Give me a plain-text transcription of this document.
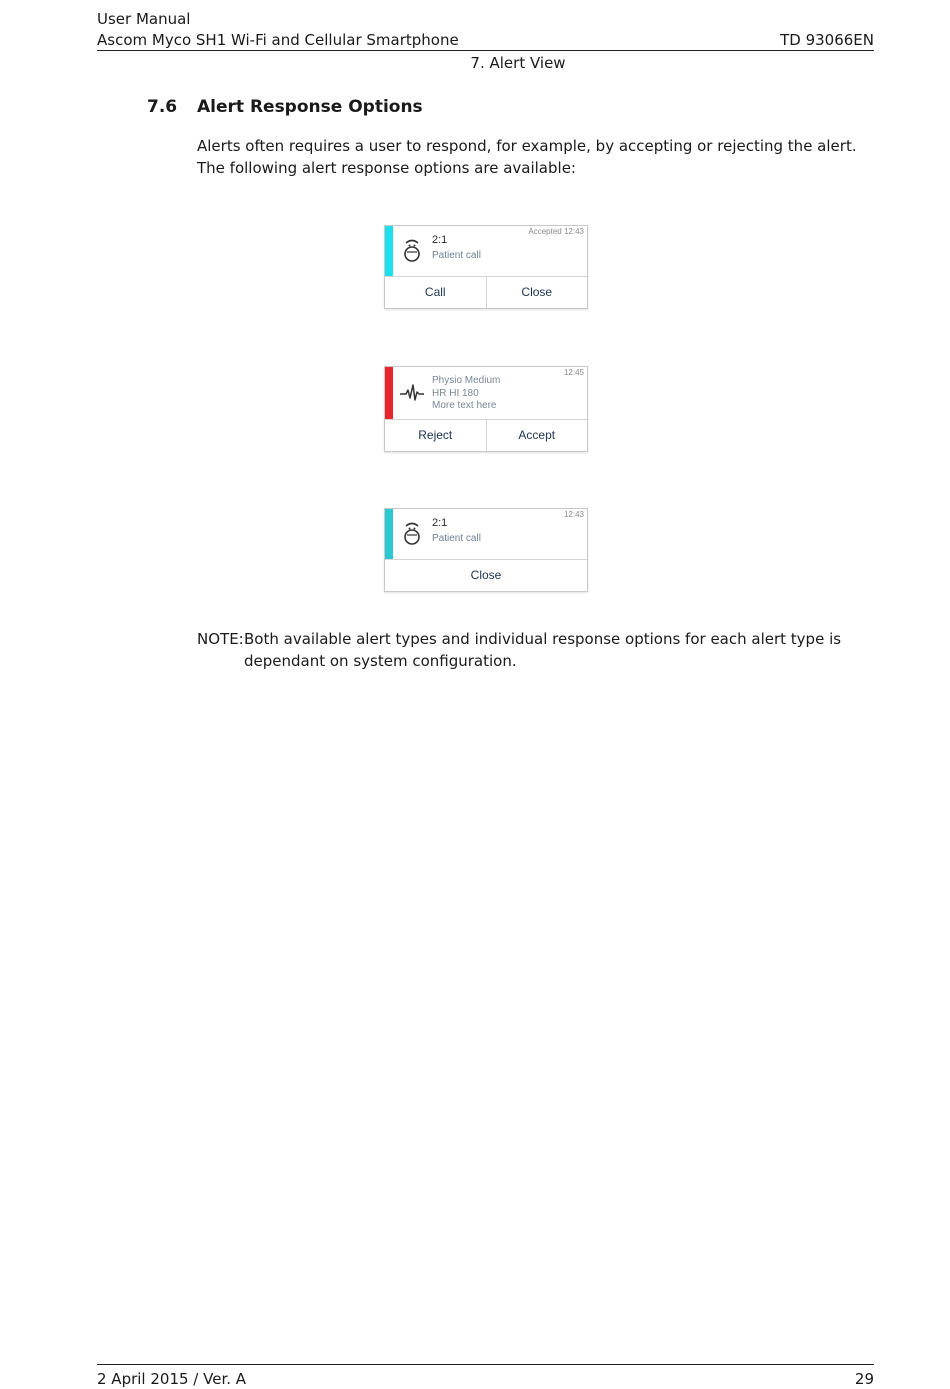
User Manual
Ascom Myco SH1 Wi-Fi and Cellular Smartphone	TD 93066EN
7. Alert View
7.6 Alert Response Options
Alerts often requires a user to respond, for example, by accepting or rejecting the alert. The following alert response options are available:
2:1
Patient call
Accepted 12:43
Call	Close
Physio Medium
HR HI 180
More text here
12:45
Reject	Accept
2:1
Patient call
12:43
Close
NOTE: Both available alert types and individual response options for each alert type is dependant on system configuration.
2 April 2015 / Ver. A	29
